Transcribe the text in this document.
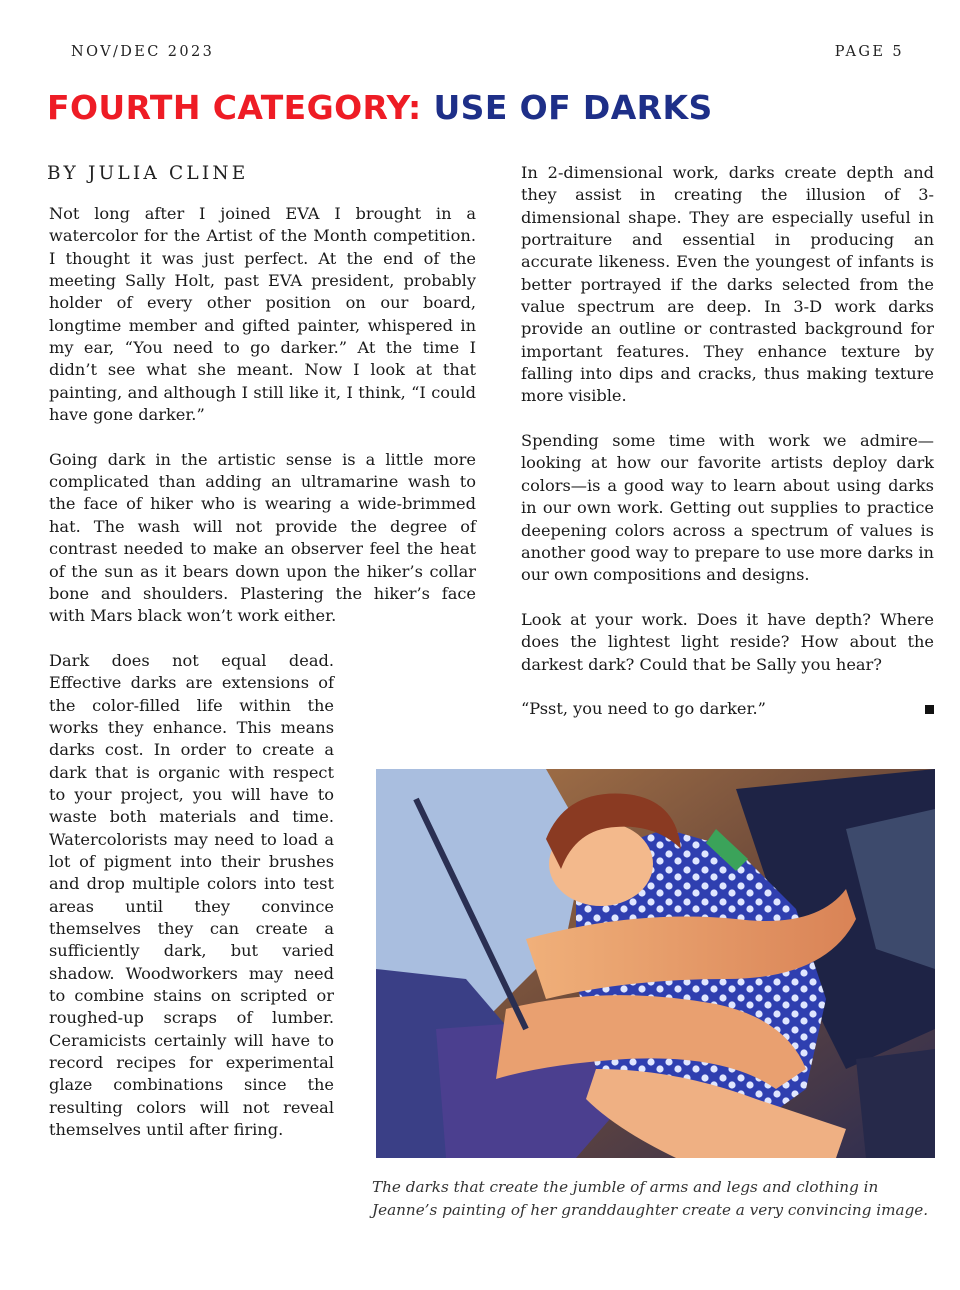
NOV/DEC 2023	PAGE 5
FOURTH CATEGORY: USE OF DARKS
BY JULIA CLINE

Not long after I joined EVA I brought in a watercolor for the Artist of the Month competition. I thought it was just perfect. At the end of the meeting Sally Holt, past EVA president, probably holder of every other position on our board, longtime member and gifted painter, whispered in my ear, “You need to go darker.” At the time I didn’t see what she meant. Now I look at that painting, and although I still like it, I think, “I could have gone darker.”

Going dark in the artistic sense is a little more complicated than adding an ultramarine wash to the face of hiker who is wearing a wide-brimmed hat. The wash will not provide the degree of contrast needed to make an observer feel the heat of the sun as it bears down upon the hiker’s collar bone and shoulders. Plastering the hiker’s face with Mars black won’t work either.

Dark does not equal dead. Effective darks are extensions of the color-filled life within the works they enhance. This means darks cost. In order to create a dark that is organic with respect to your project, you will have to waste both materials and time. Watercolorists may need to load a lot of pigment into their brushes and drop multiple colors into test areas until they convince themselves they can create a sufficiently dark, but varied shadow. Woodworkers may need to combine stains on scripted or roughed-up scraps of lumber. Ceramicists certainly will have to record recipes for experimental glaze combinations since the resulting colors will not reveal themselves until after firing.

In 2-dimensional work, darks create depth and they assist in creating the illusion of 3-dimensional shape. They are especially useful in portraiture and essential in producing an accurate likeness. Even the youngest of infants is better portrayed if the darks selected from the value spectrum are deep. In 3-D work darks provide an outline or contrasted background for important features. They enhance texture by falling into dips and cracks, thus making texture more visible.

Spending some time with work we admire—looking at how our favorite artists deploy dark colors—is a good way to learn about using darks in our own work. Getting out supplies to practice deepening colors across a spectrum of values is another good way to prepare to use more darks in our own compositions and designs.

Look at your work. Does it have depth? Where does the lightest light reside? How about the darkest dark? Could that be Sally you hear?

“Psst, you need to go darker.”

The darks that create the jumble of arms and legs and clothing in Jeanne’s painting of her granddaughter create a very convincing image.
